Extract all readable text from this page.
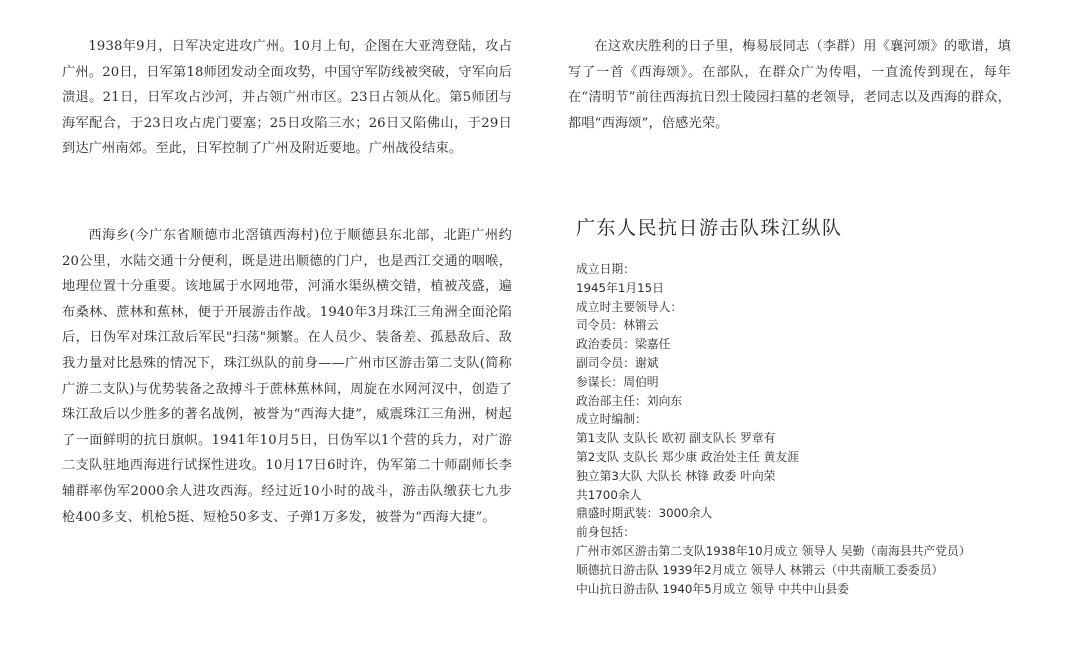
1938年9月，日军决定进攻广州。10月上旬，企图在大亚湾登陆，攻占广州。20日，日军第18师团发动全面攻势，中国守军防线被突破，守军向后溃退。21日，日军攻占沙河，并占领广州市区。23日占领从化。第5师团与海军配合，于23日攻占虎门要塞；25日攻陷三水；26日又陷佛山，于29日到达广州南郊。至此，日军控制了广州及附近要地。广州战役结束。

西海乡(今广东省顺德市北滘镇西海村)位于顺德县东北部，北距广州约20公里，水陆交通十分便利，既是进出顺德的门户，也是西江交通的咽喉，地理位置十分重要。该地属于水网地带，河涌水渠纵横交错，植被茂盛，遍布桑林、蔗林和蕉林，便于开展游击作战。1940年3月珠江三角洲全面沦陷后，日伪军对珠江敌后军民"扫荡"频繁。在人员少、装备差、孤悬敌后、敌我力量对比悬殊的情况下，珠江纵队的前身——广州市区游击第二支队(简称广游二支队)与优势装备之敌搏斗于蔗林蕉林间，周旋在水网河汊中，创造了珠江敌后以少胜多的著名战例，被誉为“西海大捷”，威震珠江三角洲，树起了一面鲜明的抗日旗帜。1941年10月5日，日伪军以1个营的兵力，对广游二支队驻地西海进行试探性进攻。10月17日6时许，伪军第二十师副师长李辅群率伪军2000余人进攻西海。经过近10小时的战斗，游击队缴获七九步枪400多支、机枪5挺、短枪50多支、子弹1万多发，被誉为“西海大捷”。

在这欢庆胜利的日子里，梅易辰同志（李群）用《襄河颂》的歌谱，填写了一首《西海颂》。在部队，在群众广为传唱，一直流传到现在，每年在“清明节”前往西海抗日烈士陵园扫墓的老领导，老同志以及西海的群众，都唱“西海颂”，倍感光荣。

广东人民抗日游击队珠江纵队
成立日期：
1945年1月15日
成立时主要领导人：
司令员：林锵云
政治委员：梁嘉任
副司令员：谢斌
参谋长：周伯明
政治部主任：刘向东
成立时编制：
第1支队 支队长 欧初 副支队长 罗章有
第2支队 支队长 郑少康 政治处主任 黄友涯
独立第3大队 大队长 林锋 政委 叶向荣
共1700余人
鼎盛时期武装：3000余人
前身包括：
广州市郊区游击第二支队1938年10月成立 领导人 吴勤（南海县共产党员）
顺德抗日游击队 1939年2月成立 领导人 林锵云（中共南顺工委委员）
中山抗日游击队 1940年5月成立 领导 中共中山县委
